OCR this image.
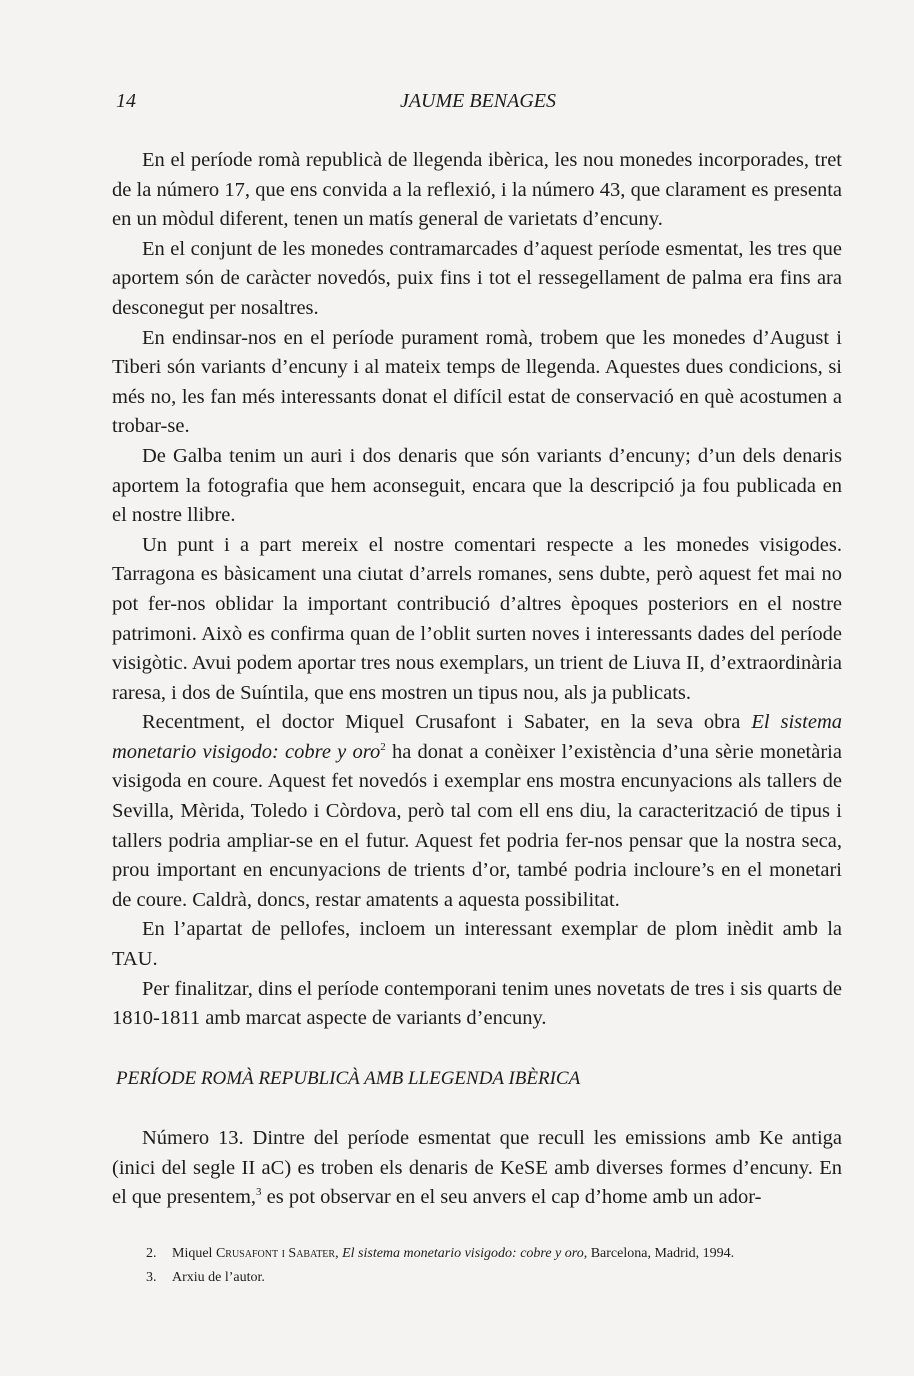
14	JAUME BENAGES

En el període romà republicà de llegenda ibèrica, les nou monedes incorporades, tret de la número 17, que ens convida a la reflexió, i la número 43, que clarament es presenta en un mòdul diferent, tenen un matís general de varietats d’encuny.

En el conjunt de les monedes contramarcades d’aquest període esmentat, les tres que aportem són de caràcter novedós, puix fins i tot el ressegellament de palma era fins ara desconegut per nosaltres.

En endinsar-nos en el període purament romà, trobem que les monedes d’August i Tiberi són variants d’encuny i al mateix temps de llegenda. Aquestes dues condicions, si més no, les fan més interessants donat el difícil estat de conservació en què acostumen a trobar-se.

De Galba tenim un auri i dos denaris que són variants d’encuny; d’un dels denaris aportem la fotografia que hem aconseguit, encara que la descripció ja fou publicada en el nostre llibre.

Un punt i a part mereix el nostre comentari respecte a les monedes visigodes. Tarragona es bàsicament una ciutat d’arrels romanes, sens dubte, però aquest fet mai no pot fer-nos oblidar la important contribució d’altres èpoques posteriors en el nostre patrimoni. Això es confirma quan de l’oblit surten noves i interessants dades del període visigòtic. Avui podem aportar tres nous exemplars, un trient de Liuva II, d’extraordinària raresa, i dos de Suíntila, que ens mostren un tipus nou, als ja publicats.

Recentment, el doctor Miquel Crusafont i Sabater, en la seva obra El sistema monetario visigodo: cobre y oro$^2$ ha donat a conèixer l’existència d’una sèrie monetària visigoda en coure. Aquest fet novedós i exemplar ens mostra encunyacions als tallers de Sevilla, Mèrida, Toledo i Còrdova, però tal com ell ens diu, la caracterització de tipus i tallers podria ampliar-se en el futur. Aquest fet podria fer-nos pensar que la nostra seca, prou important en encunyacions de trients d’or, també podria incloure’s en el monetari de coure. Caldrà, doncs, restar amatents a aquesta possibilitat.

En l’apartat de pellofes, incloem un interessant exemplar de plom inèdit amb la TAU.

Per finalitzar, dins el període contemporani tenim unes novetats de tres i sis quarts de 1810-1811 amb marcat aspecte de variants d’encuny.

PERÍODE ROMÀ REPUBLICÀ AMB LLEGENDA IBÈRICA

Número 13. Dintre del període esmentat que recull les emissions amb Ke antiga (inici del segle II aC) es troben els denaris de KeSE amb diverses formes d’encuny. En el que presentem,$^3$ es pot observar en el seu anvers el cap d’home amb un ador-

2. Miquel Crusafont i Sabater, El sistema monetario visigodo: cobre y oro, Barcelona, Madrid, 1994.
3. Arxiu de l’autor.
